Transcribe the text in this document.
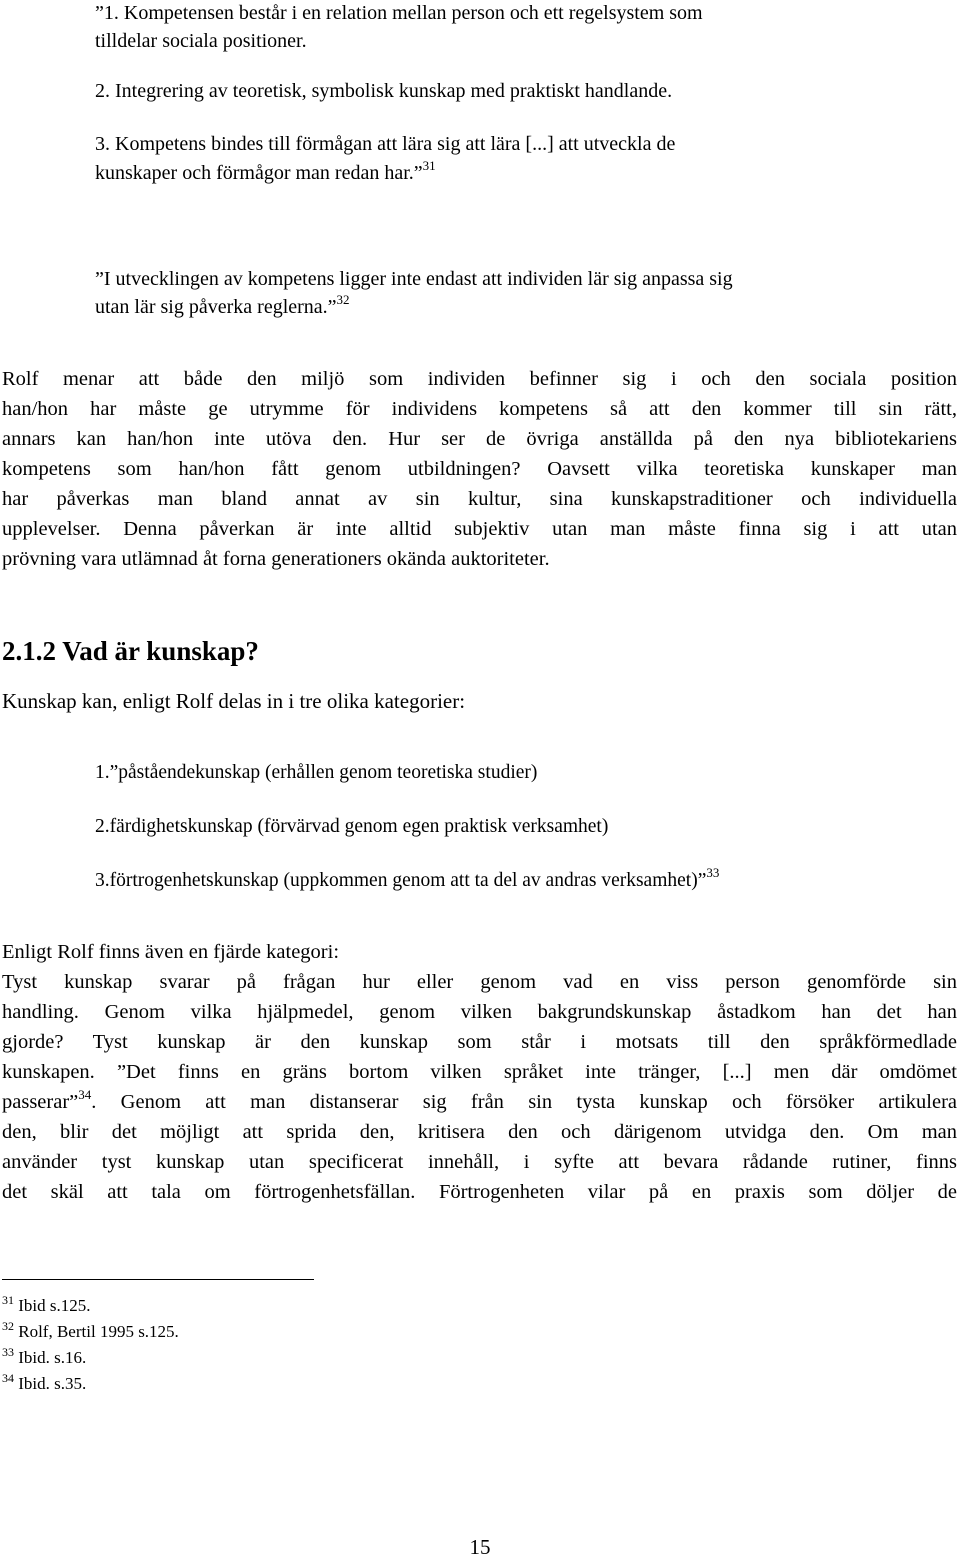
”1. Kompetensen består i en relation mellan person och ett regelsystem som
tilldelar sociala positioner.
2. Integrering av teoretisk, symbolisk kunskap med praktiskt handlande.
3. Kompetens bindes till förmågan att lära sig att lära [...] att utveckla de
kunskaper och förmågor man redan har.”$^{31}$
”I utvecklingen av kompetens ligger inte endast att individen lär sig anpassa sig
utan lär sig påverka reglerna.”$^{32}$
Rolf menar att både den miljö som individen befinner sig i och den sociala position
han/hon har måste ge utrymme för individens kompetens så att den kommer till sin rätt,
annars kan han/hon inte utöva den. Hur ser de övriga anställda på den nya bibliotekariens
kompetens som han/hon fått genom utbildningen? Oavsett vilka teoretiska kunskaper man
har påverkas man bland annat av sin kultur, sina kunskapstraditioner och individuella
upplevelser. Denna påverkan är inte alltid subjektiv utan man måste finna sig i att utan
prövning vara utlämnad åt forna generationers okända auktoriteter.
2.1.2 Vad är kunskap?
Kunskap kan, enligt Rolf delas in i tre olika kategorier:
1.”påståendekunskap (erhållen genom teoretiska studier)
2.färdighetskunskap (förvärvad genom egen praktisk verksamhet)
3.förtrogenhetskunskap (uppkommen genom att ta del av andras verksamhet)”$^{33}$
Enligt Rolf finns även en fjärde kategori:
Tyst kunskap svarar på frågan hur eller genom vad en viss person genomförde sin
handling. Genom vilka hjälpmedel, genom vilken bakgrundskunskap åstadkom han det han
gjorde? Tyst kunskap är den kunskap som står i motsats till den språkförmedlade
kunskapen. ”Det finns en gräns bortom vilken språket inte tränger, [...] men där omdömet
passerar”$^{34}$ . Genom att man distanserar sig från sin tysta kunskap och försöker artikulera
den, blir det möjligt att sprida den, kritisera den och därigenom utvidga den. Om man
använder tyst kunskap utan specificerat innehåll, i syfte att bevara rådande rutiner, finns
det skäl att tala om förtrogenhetsfällan. Förtrogenheten vilar på en praxis som döljer de
$^{31}$ Ibid s.125.
$^{32}$ Rolf, Bertil 1995 s.125.
$^{33}$ Ibid. s.16.
$^{34}$ Ibid. s.35.
15
